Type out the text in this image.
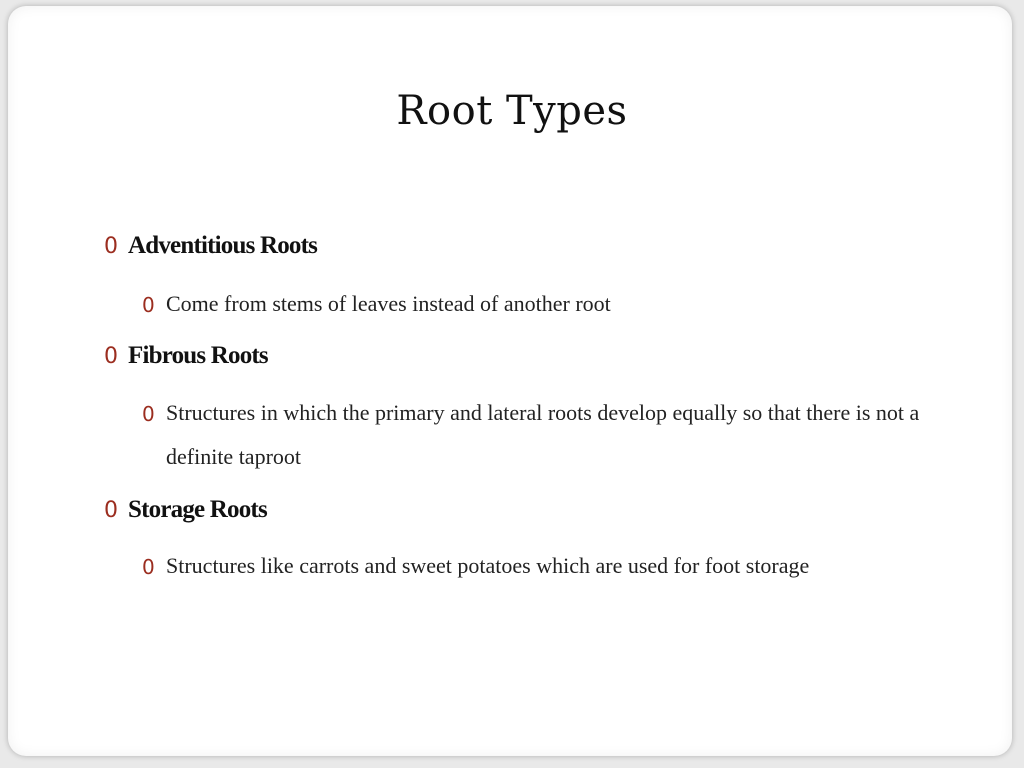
Root Types
0 Adventitious Roots
0 Come from stems of leaves instead of another root
0 Fibrous Roots
0 Structures in which the primary and lateral roots develop equally so that there is not a definite taproot
0 Storage Roots
0 Structures like carrots and sweet potatoes which are used for foot storage
